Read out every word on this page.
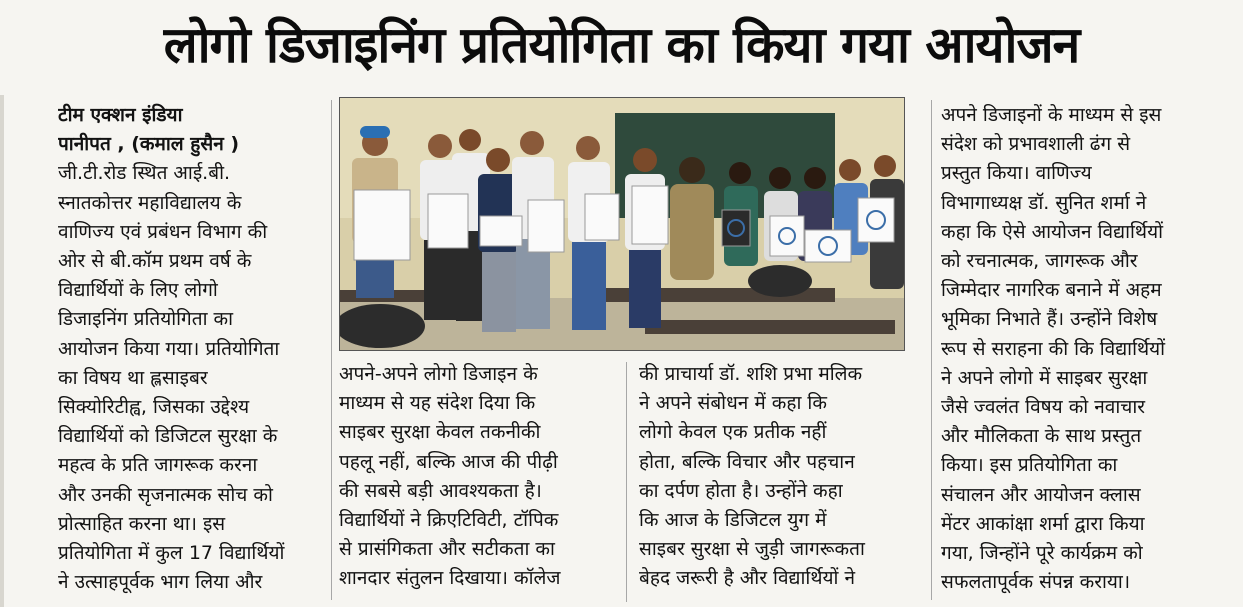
लोगो डिजाइनिंग प्रतियोगिता का किया गया आयोजन

टीम एक्शन इंडिया

पानीपत , (कमाल हुसैन )

जी.टी.रोड स्थित आई.बी.

स्नातकोत्तर महाविद्यालय के

वाणिज्य एवं प्रबंधन विभाग की

ओर से बी.कॉम प्रथम वर्ष के

विद्यार्थियों के लिए लोगो

डिजाइनिंग प्रतियोगिता का

आयोजन किया गया। प्रतियोगिता

का विषय था ह्लसाइबर

सिक्योरिटीह्व, जिसका उद्देश्य

विद्यार्थियों को डिजिटल सुरक्षा के

महत्व के प्रति जागरूक करना

और उनकी सृजनात्मक सोच को

प्रोत्साहित करना था। इस

प्रतियोगिता में कुल 17 विद्यार्थियों

ने उत्साहपूर्वक भाग लिया और

अपने-अपने लोगो डिजाइन के

माध्यम से यह संदेश दिया कि

साइबर सुरक्षा केवल तकनीकी

पहलू नहीं, बल्कि आज की पीढ़ी

की सबसे बड़ी आवश्यकता है।

विद्यार्थियों ने क्रिएटिविटी, टॉपिक

से प्रासंगिकता और सटीकता का

शानदार संतुलन दिखाया। कॉलेज

की प्राचार्या डॉ. शशि प्रभा मलिक

ने अपने संबोधन में कहा कि

लोगो केवल एक प्रतीक नहीं

होता, बल्कि विचार और पहचान

का दर्पण होता है। उन्होंने कहा

कि आज के डिजिटल युग में

साइबर सुरक्षा से जुड़ी जागरूकता

बेहद जरूरी है और विद्यार्थियों ने

अपने डिजाइनों के माध्यम से इस

संदेश को प्रभावशाली ढंग से

प्रस्तुत किया। वाणिज्य

विभागाध्यक्ष डॉ. सुनित शर्मा ने

कहा कि ऐसे आयोजन विद्यार्थियों

को रचनात्मक, जागरूक और

जिम्मेदार नागरिक बनाने में अहम

भूमिका निभाते हैं। उन्होंने विशेष

रूप से सराहना की कि विद्यार्थियों

ने अपने लोगो में साइबर सुरक्षा

जैसे ज्वलंत विषय को नवाचार

और मौलिकता के साथ प्रस्तुत

किया। इस प्रतियोगिता का

संचालन और आयोजन क्लास

मेंटर आकांक्षा शर्मा द्वारा किया

गया, जिन्होंने पूरे कार्यक्रम को

सफलतापूर्वक संपन्न कराया।
